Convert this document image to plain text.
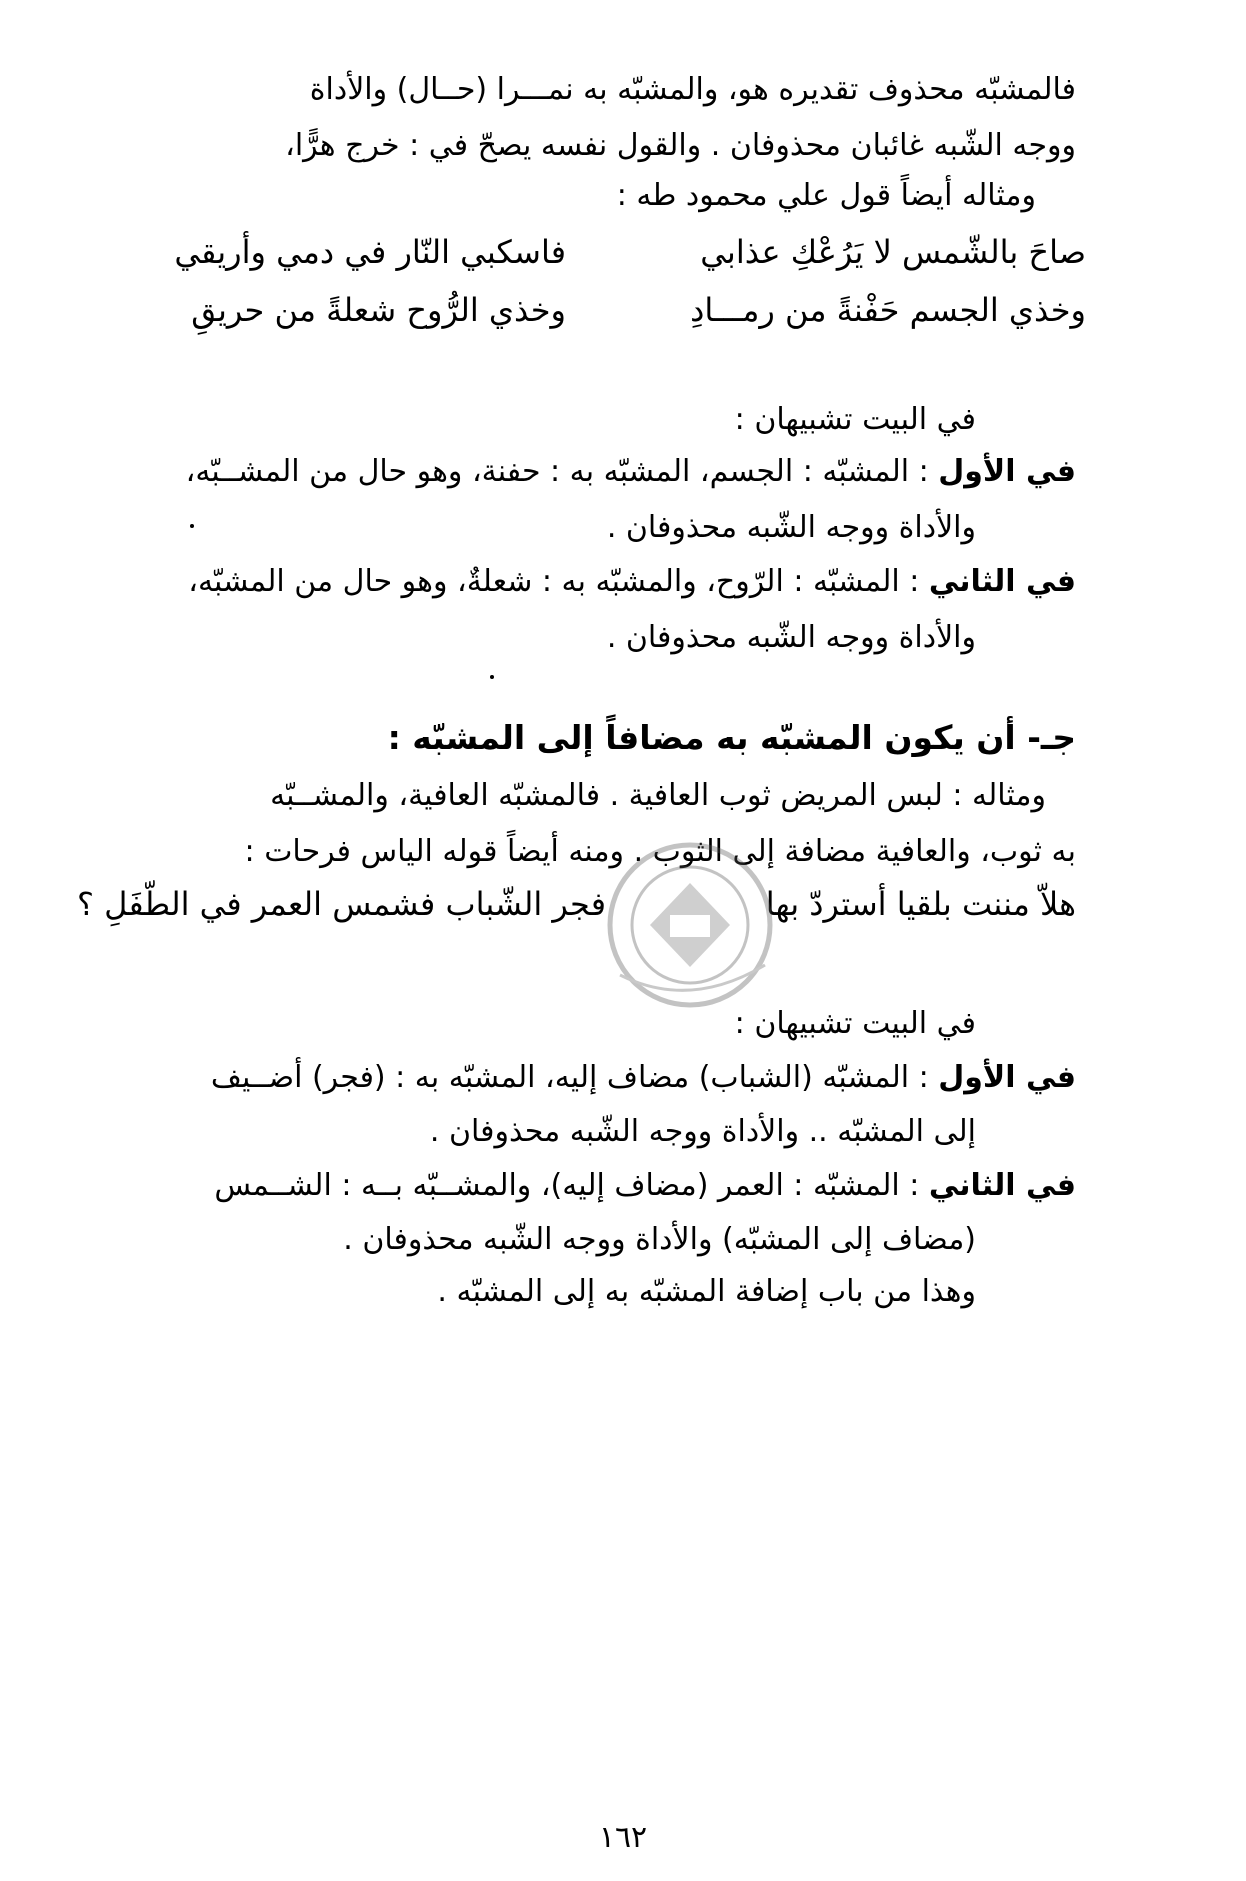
فالمشبّه محذوف تقديره هو، والمشبّه به نمـــرا (حــال) والأداة
ووجه الشّبه غائبان محذوفان . والقول نفسه يصحّ في : خرج هرًّا،
ومثاله أيضاً قول علي محمود طه :
صاحَ بالشّمس لا يَرُعْكِ عذابي
فاسكبي النّار في دمي وأريقي
وخذي الجسم حَفْنةً من رمـــادِ
وخذي الرُّوح شعلةً من حريقِ
في البيت تشبيهان :
في الأول : المشبّه : الجسم، المشبّه به : حفنة، وهو حال من المشــبّه،
والأداة ووجه الشّبه محذوفان .
في الثاني : المشبّه : الرّوح، والمشبّه به : شعلةٌ، وهو حال من المشبّه،
والأداة ووجه الشّبه محذوفان .
جـ- أن يكون المشبّه به مضافاً إلى المشبّه :
ومثاله : لبس المريض ثوب العافية . فالمشبّه العافية، والمشــبّه
به ثوب، والعافية مضافة إلى الثوب . ومنه أيضاً قوله الياس فرحات :
هلاّ مننت بلقيا أستردّ بها
فجر الشّباب فشمس العمر في الطّفَلِ ؟
في البيت تشبيهان :
في الأول : المشبّه (الشباب) مضاف إليه، المشبّه به : (فجر) أضــيف
إلى المشبّه .. والأداة ووجه الشّبه محذوفان .
في الثاني : المشبّه : العمر (مضاف إليه)، والمشــبّه بــه : الشــمس
(مضاف إلى المشبّه) والأداة ووجه الشّبه محذوفان .
وهذا من باب إضافة المشبّه به إلى المشبّه .
١٦٢
